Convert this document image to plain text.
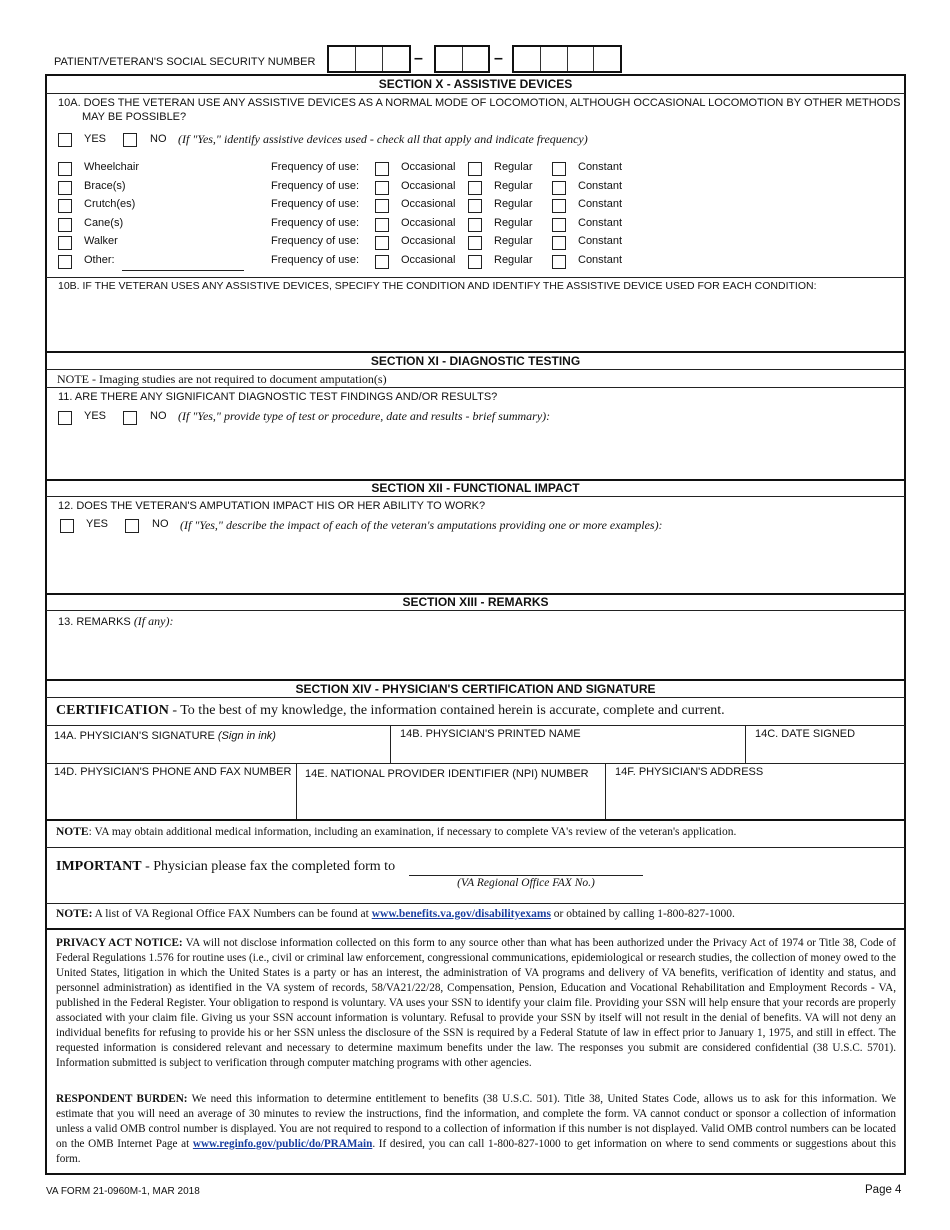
PATIENT/VETERAN'S SOCIAL SECURITY NUMBER	–	–
SECTION X - ASSISTIVE DEVICES
10A. DOES THE VETERAN USE ANY ASSISTIVE DEVICES AS A NORMAL MODE OF LOCOMOTION, ALTHOUGH OCCASIONAL LOCOMOTION BY OTHER METHODS
MAY BE POSSIBLE?
YES	NO (If "Yes," identify assistive devices used - check all that apply and indicate frequency)
Wheelchair	Frequency of use:	Occasional	Regular	Constant
Brace(s)	Frequency of use:	Occasional	Regular	Constant
Crutch(es)	Frequency of use:	Occasional	Regular	Constant
Cane(s)	Frequency of use:	Occasional	Regular	Constant
Walker	Frequency of use:	Occasional	Regular	Constant
Other:	Frequency of use:	Occasional	Regular	Constant
10B. IF THE VETERAN USES ANY ASSISTIVE DEVICES, SPECIFY THE CONDITION AND IDENTIFY THE ASSISTIVE DEVICE USED FOR EACH CONDITION:
SECTION XI - DIAGNOSTIC TESTING
NOTE - Imaging studies are not required to document amputation(s)
11. ARE THERE ANY SIGNIFICANT DIAGNOSTIC TEST FINDINGS AND/OR RESULTS?
YES	NO (If "Yes," provide type of test or procedure, date and results - brief summary):
SECTION XII - FUNCTIONAL IMPACT
12. DOES THE VETERAN'S AMPUTATION IMPACT HIS OR HER ABILITY TO WORK?
YES	NO (If "Yes," describe the impact of each of the veteran's amputations providing one or more examples):
SECTION XIII - REMARKS
13. REMARKS (If any):
SECTION XIV - PHYSICIAN'S CERTIFICATION AND SIGNATURE
CERTIFICATION - To the best of my knowledge, the information contained herein is accurate, complete and current.
14A. PHYSICIAN'S SIGNATURE (Sign in ink)	14B. PHYSICIAN'S PRINTED NAME	14C. DATE SIGNED
14D. PHYSICIAN'S PHONE AND FAX NUMBER 14E. NATIONAL PROVIDER IDENTIFIER (NPI) NUMBER 14F. PHYSICIAN'S ADDRESS
NOTE: VA may obtain additional medical information, including an examination, if necessary to complete VA's review of the veteran's application.
IMPORTANT - Physician please fax the completed form to
(VA Regional Office FAX No.)
NOTE: A list of VA Regional Office FAX Numbers can be found at www.benefits.va.gov/disabilityexams or obtained by calling 1-800-827-1000.
PRIVACY ACT NOTICE: VA will not disclose information collected on this form to any source other than what has been authorized under the Privacy Act of 1974 or Title 38, Code of Federal Regulations 1.576 for routine uses (i.e., civil or criminal law enforcement, congressional communications, epidemiological or research studies, the collection of money owed to the United States, litigation in which the United States is a party or has an interest, the administration of VA programs and delivery of VA benefits, verification of identity and status, and personnel administration) as identified in the VA system of records, 58/VA21/22/28, Compensation, Pension, Education and Vocational Rehabilitation and Employment Records - VA, published in the Federal Register. Your obligation to respond is voluntary. VA uses your SSN to identify your claim file. Providing your SSN will help ensure that your records are properly associated with your claim file. Giving us your SSN account information is voluntary. Refusal to provide your SSN by itself will not result in the denial of benefits. VA will not deny an individual benefits for refusing to provide his or her SSN unless the disclosure of the SSN is required by a Federal Statute of law in effect prior to January 1, 1975, and still in effect. The requested information is considered relevant and necessary to determine maximum benefits under the law. The responses you submit are considered confidential (38 U.S.C. 5701). Information submitted is subject to verification through computer matching programs with other agencies.
RESPONDENT BURDEN: We need this information to determine entitlement to benefits (38 U.S.C. 501). Title 38, United States Code, allows us to ask for this information. We estimate that you will need an average of 30 minutes to review the instructions, find the information, and complete the form. VA cannot conduct or sponsor a collection of information unless a valid OMB control number is displayed. You are not required to respond to a collection of information if this number is not displayed. Valid OMB control numbers can be located on the OMB Internet Page at www.reginfo.gov/public/do/PRAMain. If desired, you can call 1-800-827-1000 to get information on where to send comments or suggestions about this form.
VA FORM 21-0960M-1, MAR 2018	Page 4
